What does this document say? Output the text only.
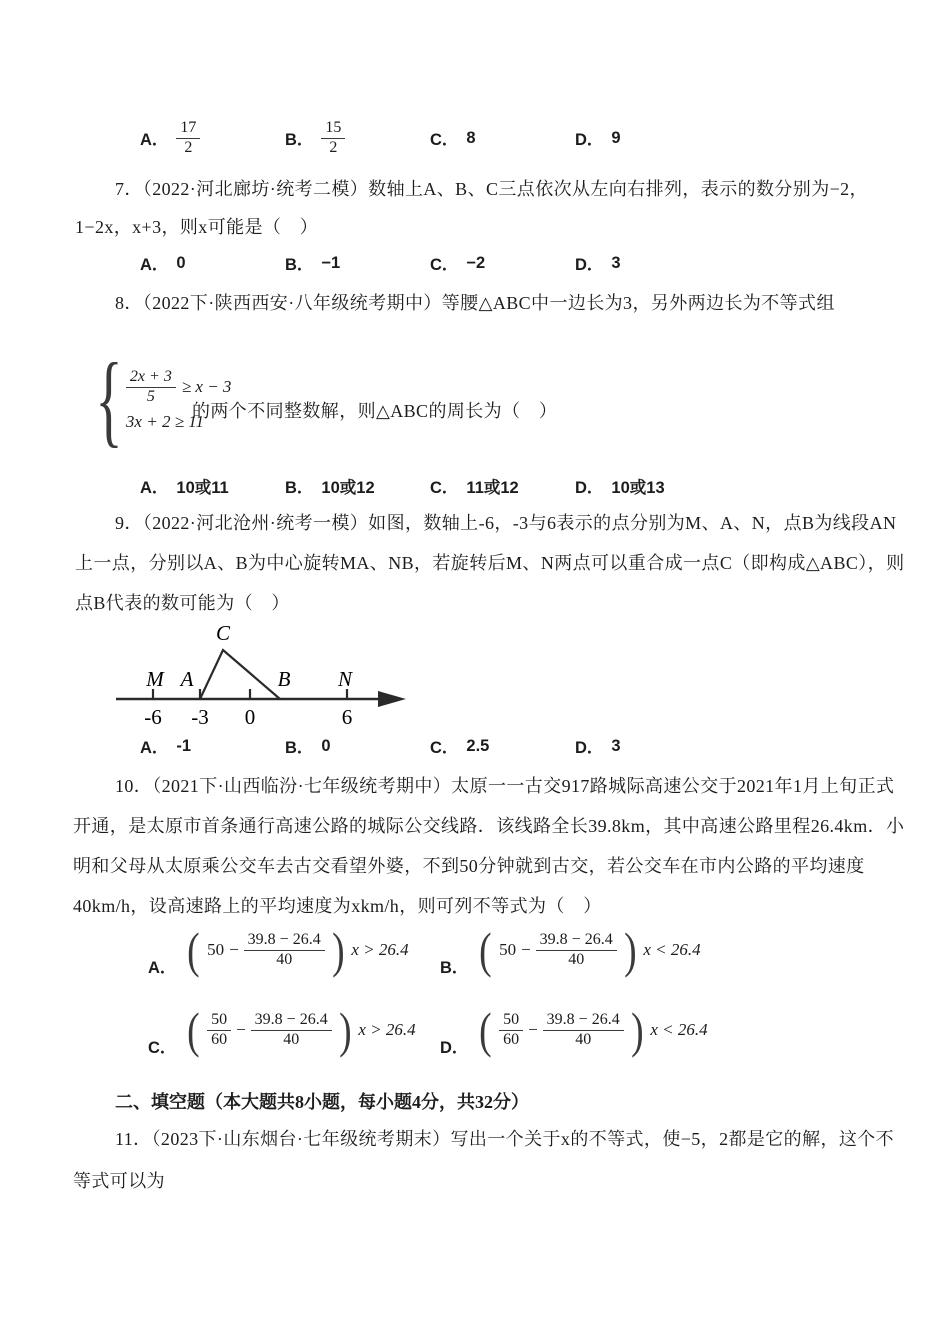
A． $\frac{17}{2}$	B． $\frac{15}{2}$	C． 8	D． 9
7．（2022·河北廊坊·统考二模）数轴上A、B、C三点依次从左向右排列，表示的数分别为−2，
1−2x，x+3，则x可能是（　）
A． 0	B． −1	C． −2	D． 3
8．（2022下·陕西西安·八年级统考期中）等腰△ABC中一边长为3，另外两边长为不等式组
{ $\frac{2x + 3}{5} \ge x - 3$
3x + 2 ≥ 11
的两个不同整数解，则△ABC的周长为（　）
A． 10或11	B． 10或12	C． 11或12	D． 10或13
9．（2022·河北沧州·统考一模）如图，数轴上-6，-3与6表示的点分别为M、A、N，点B为线段AN
上一点，分别以A、B为中心旋转MA、NB，若旋转后M、N两点可以重合成一点C（即构成△ABC），则
点B代表的数可能为（　）
M A	B N
C
-6 -3 0	6
A． -1	B． 0	C． 2.5	D． 3
10．（2021下·山西临汾·七年级统考期中）太原一一古交917路城际高速公交于2021年1月上旬正式
开通，是太原市首条通行高速公路的城际公交线路．该线路全长39.8km，其中高速公路里程26.4km．小
明和父母从太原乘公交车去古交看望外婆，不到50分钟就到古交，若公交车在市内公路的平均速度
40km/h，设高速路上的平均速度为xkm/h，则可列不等式为（　）
A． ( $50 - \frac{39.8 - 26.4}{40}$ ) x > 26.4
B． ( $50 - \frac{39.8 - 26.4}{40}$ ) x < 26.4
C． ( $\frac{50}{60} - \frac{39.8 - 26.4}{40}$ ) x > 26.4
D． ( $\frac{50}{60} - \frac{39.8 - 26.4}{40}$ ) x < 26.4
二、填空题（本大题共8小题，每小题4分，共32分）
11．（2023下·山东烟台·七年级统考期末）写出一个关于x的不等式，使−5，2都是它的解，这个不
等式可以为
